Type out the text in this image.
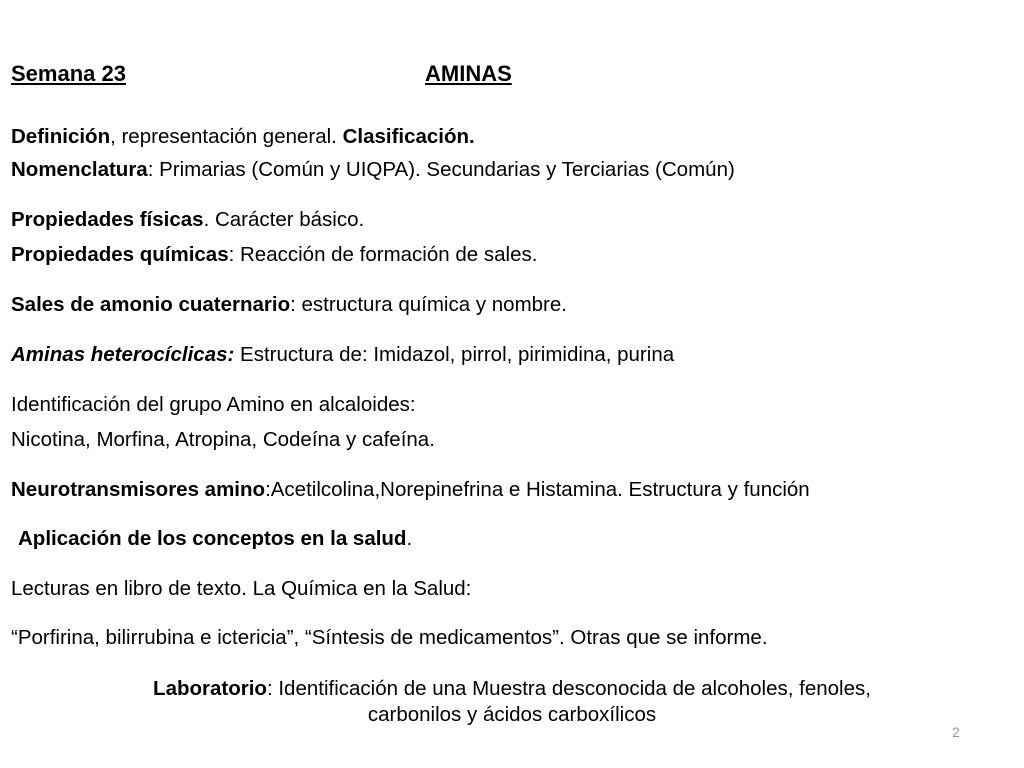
Semana 23	AMINAS
Definición, representación general. Clasificación.
Nomenclatura: Primarias (Común y UIQPA). Secundarias y Terciarias (Común)
Propiedades físicas. Carácter básico.
Propiedades químicas: Reacción de formación de sales.
Sales de amonio cuaternario: estructura química y nombre.
Aminas heterocíclicas: Estructura de: Imidazol, pirrol, pirimidina, purina
Identificación del grupo Amino en alcaloides:
Nicotina, Morfina, Atropina, Codeína y cafeína.
Neurotransmisores amino:Acetilcolina,Norepinefrina e Histamina. Estructura y función
Aplicación de los conceptos en la salud.
Lecturas en libro de texto. La Química en la Salud:
“Porfirina, bilirrubina e ictericia”, “Síntesis de medicamentos”. Otras que se informe.
Laboratorio: Identificación de una Muestra desconocida de alcoholes, fenoles,
carbonilos y ácidos carboxílicos
2
